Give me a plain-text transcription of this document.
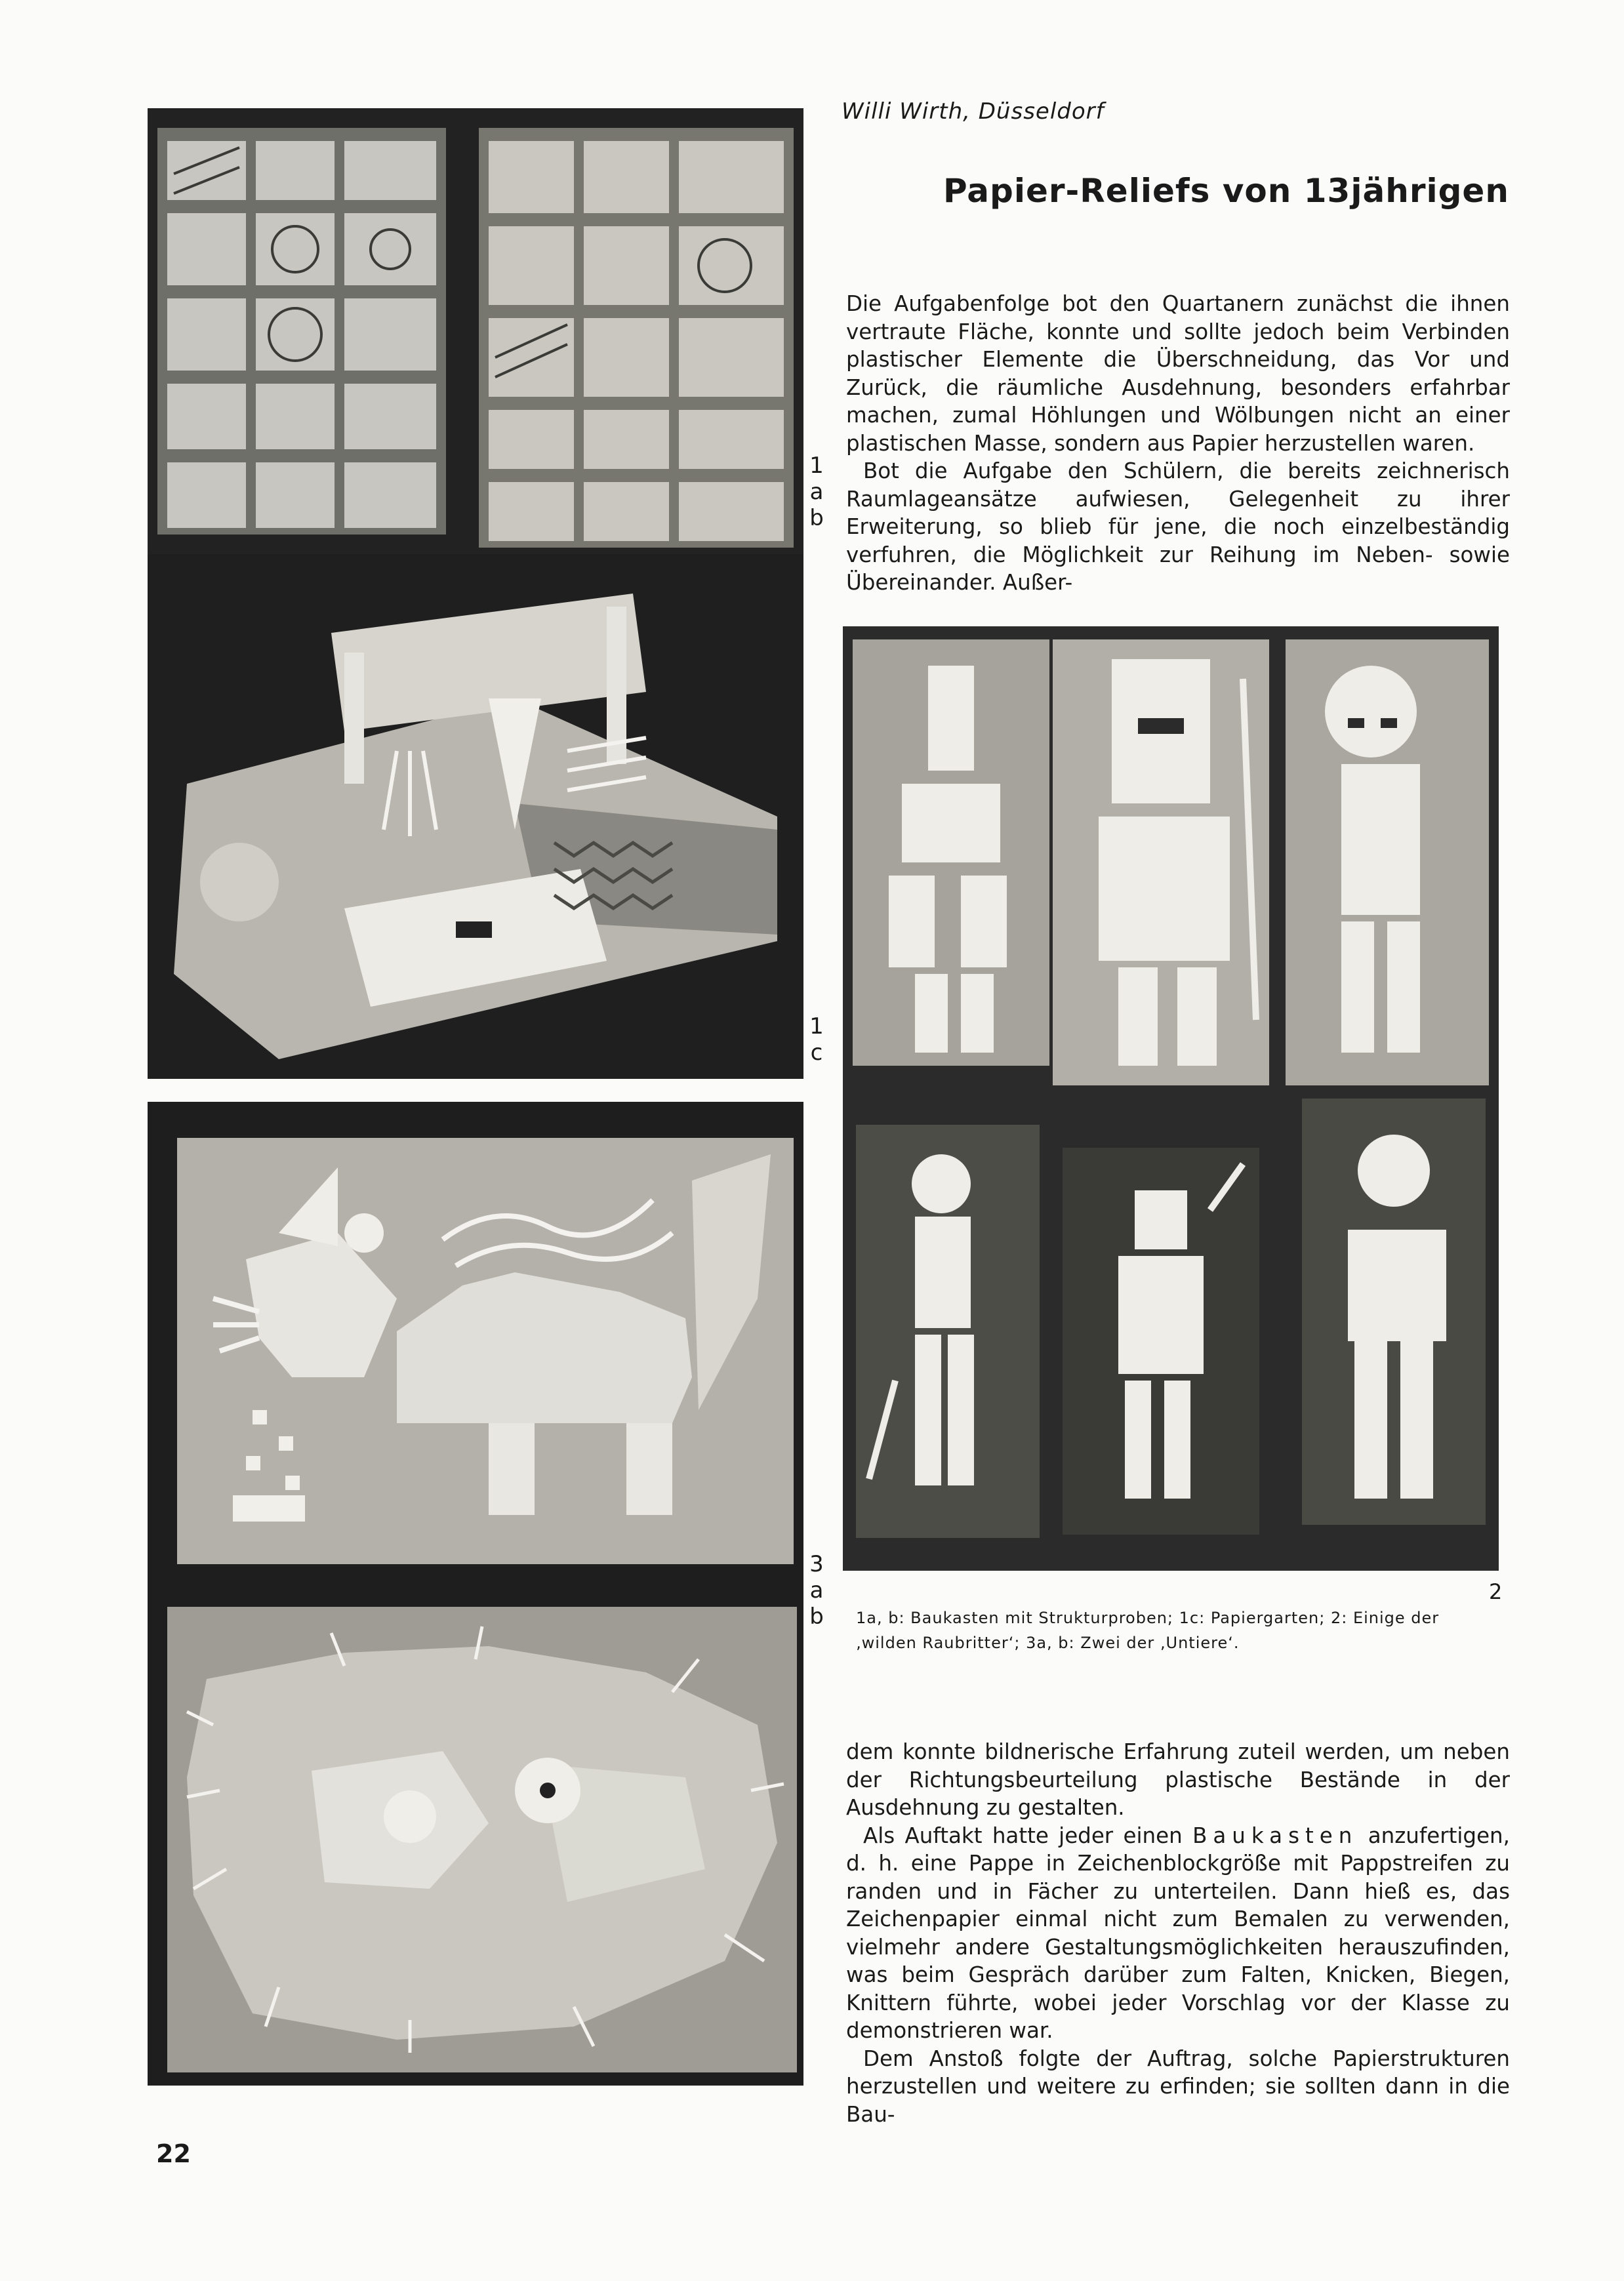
Willi Wirth, Düsseldorf
Papier-Reliefs von 13jährigen

Die Aufgabenfolge bot den Quartanern zunächst die ihnen vertraute Fläche, konnte und sollte jedoch beim Verbinden plastischer Elemente die Überschneidung, das Vor und Zurück, die räumliche Ausdehnung, besonders erfahrbar machen, zumal Höhlungen und Wölbungen nicht an einer plastischen Masse, sondern aus Papier herzustellen waren.

Bot die Aufgabe den Schülern, die bereits zeichnerisch Raumlageansätze aufwiesen, Gelegenheit zu ihrer Erweiterung, so blieb für jene, die noch einzelbeständig verfuhren, die Möglichkeit zur Reihung im Neben- sowie Übereinander. Außer-

1
a
b
1
c
2
3
a
b 1a, b: Baukasten mit Strukturproben; 1c: Papiergarten; 2: Einige der ‚wilden Raubritter‘; 3a, b: Zwei der ‚Untiere‘.

dem konnte bildnerische Erfahrung zuteil werden, um neben der Richtungsbeurteilung plastische Bestände in der Ausdehnung zu gestalten.

Als Auftakt hatte jeder einen Baukasten anzufertigen, d. h. eine Pappe in Zeichenblockgröße mit Pappstreifen zu randen und in Fächer zu unterteilen. Dann hieß es, das Zeichenpapier einmal nicht zum Bemalen zu verwenden, vielmehr andere Gestaltungsmöglichkeiten herauszufinden, was beim Gespräch darüber zum Falten, Knicken, Biegen, Knittern führte, wobei jeder Vorschlag vor der Klasse zu demonstrieren war.

Dem Anstoß folgte der Auftrag, solche Papierstrukturen herzustellen und weitere zu erfinden; sie sollten dann in die Bau-

22
